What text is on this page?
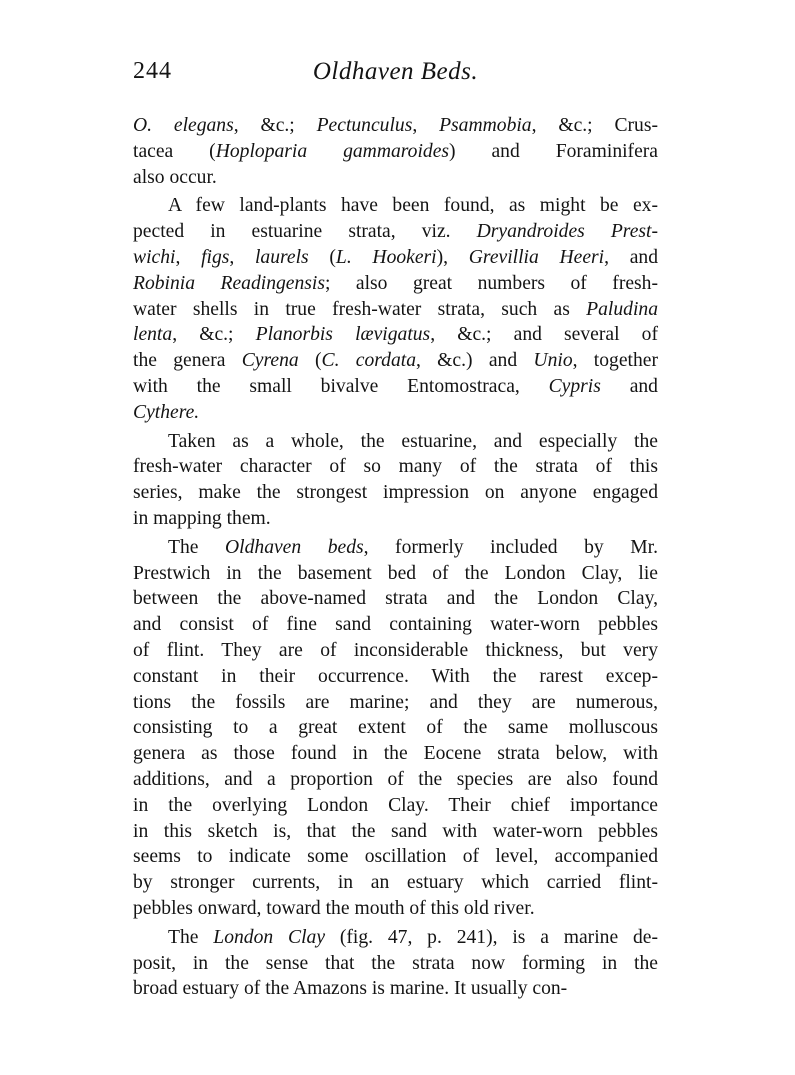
244	Oldhaven Beds.
O. elegans, &c.; Pectunculus, Psammobia, &c.; Crus-
tacea (Hoploparia gammaroides) and Foraminifera
also occur.
A few land-plants have been found, as might be ex-
pected in estuarine strata, viz. Dryandroides Prest-
wichi, figs, laurels (L. Hookeri), Grevillia Heeri, and
Robinia Readingensis; also great numbers of fresh-
water shells in true fresh-water strata, such as Paludina
lenta, &c.; Planorbis lævigatus, &c.; and several of
the genera Cyrena (C. cordata, &c.) and Unio, together
with the small bivalve Entomostraca, Cypris and
Cythere.
Taken as a whole, the estuarine, and especially the
fresh-water character of so many of the strata of this
series, make the strongest impression on anyone engaged
in mapping them.
The Oldhaven beds, formerly included by Mr.
Prestwich in the basement bed of the London Clay, lie
between the above-named strata and the London Clay,
and consist of fine sand containing water-worn pebbles
of flint. They are of inconsiderable thickness, but very
constant in their occurrence. With the rarest excep-
tions the fossils are marine; and they are numerous,
consisting to a great extent of the same molluscous
genera as those found in the Eocene strata below, with
additions, and a proportion of the species are also found
in the overlying London Clay. Their chief importance
in this sketch is, that the sand with water-worn pebbles
seems to indicate some oscillation of level, accompanied
by stronger currents, in an estuary which carried flint-
pebbles onward, toward the mouth of this old river.
The London Clay (fig. 47, p. 241), is a marine de-
posit, in the sense that the strata now forming in the
broad estuary of the Amazons is marine. It usually con-
